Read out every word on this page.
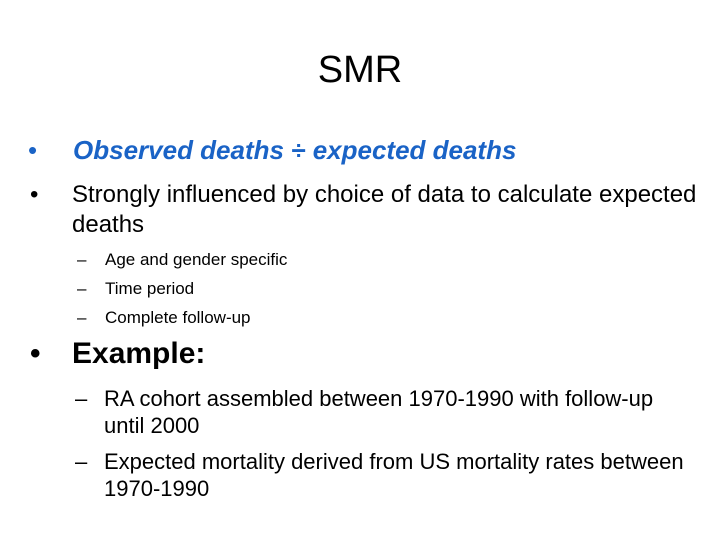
SMR
•	Observed deaths ÷ expected deaths
•	Strongly influenced by choice of data to calculate expected deaths
–	Age and gender specific
–	Time period
–	Complete follow-up
•	Example:
– RA cohort assembled between 1970-1990 with follow-up until 2000
– Expected mortality derived from US mortality rates between 1970-1990
